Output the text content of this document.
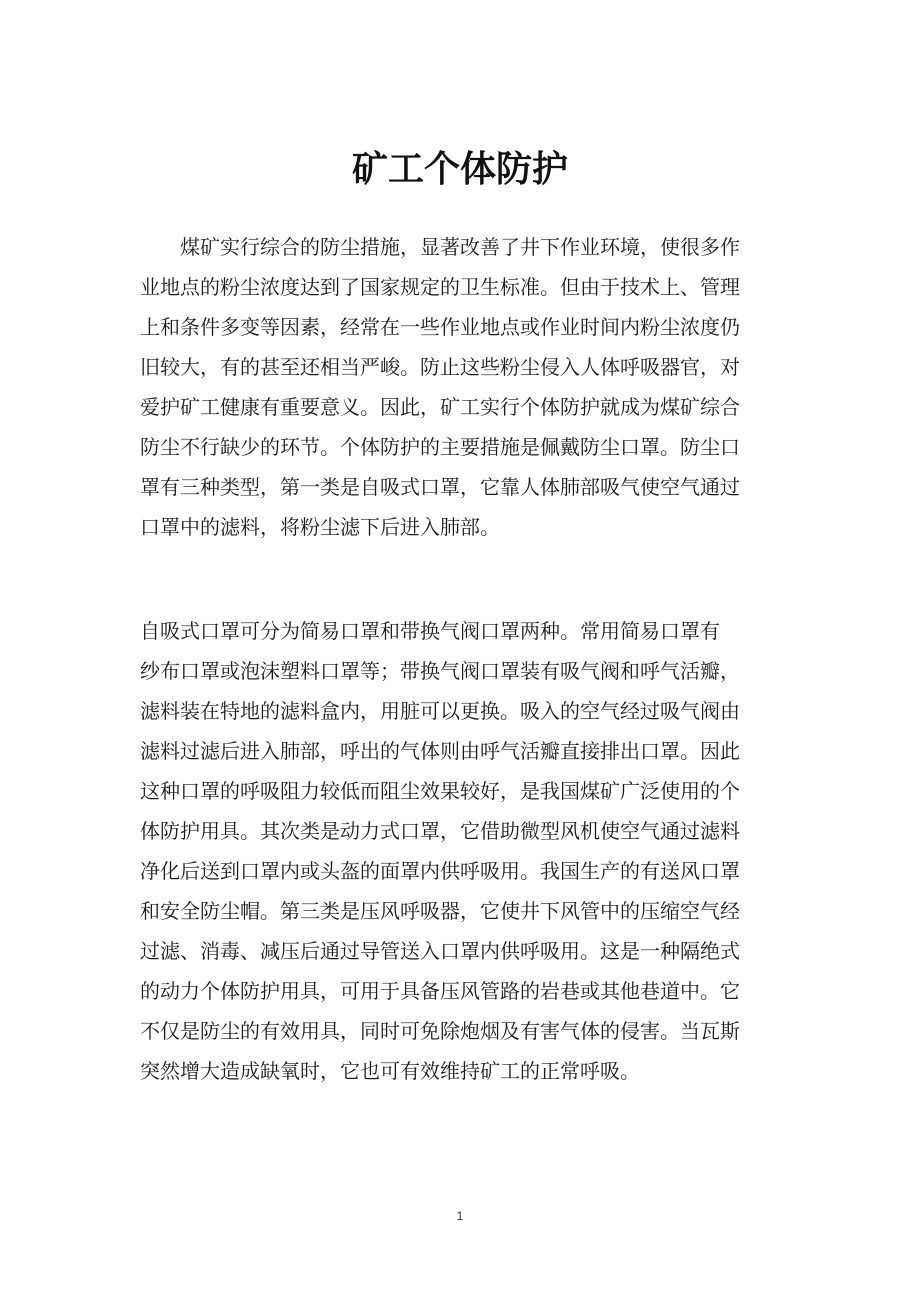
矿工个体防护

　　煤矿实行综合的防尘措施，显著改善了井下作业环境，使很多作
业地点的粉尘浓度达到了国家规定的卫生标准。但由于技术上、管理
上和条件多变等因素，经常在一些作业地点或作业时间内粉尘浓度仍
旧较大，有的甚至还相当严峻。防止这些粉尘侵入人体呼吸器官，对
爱护矿工健康有重要意义。因此，矿工实行个体防护就成为煤矿综合
防尘不行缺少的环节。个体防护的主要措施是佩戴防尘口罩。防尘口
罩有三种类型，第一类是自吸式口罩，它靠人体肺部吸气使空气通过
口罩中的滤料，将粉尘滤下后进入肺部。

自吸式口罩可分为简易口罩和带换气阀口罩两种。常用简易口罩有
纱布口罩或泡沫塑料口罩等；带换气阀口罩装有吸气阀和呼气活瓣，
滤料装在特地的滤料盒内，用脏可以更换。吸入的空气经过吸气阀由
滤料过滤后进入肺部，呼出的气体则由呼气活瓣直接排出口罩。因此
这种口罩的呼吸阻力较低而阻尘效果较好，是我国煤矿广泛使用的个
体防护用具。其次类是动力式口罩，它借助微型风机使空气通过滤料
净化后送到口罩内或头盔的面罩内供呼吸用。我国生产的有送风口罩
和安全防尘帽。第三类是压风呼吸器，它使井下风管中的压缩空气经
过滤、消毒、减压后通过导管送入口罩内供呼吸用。这是一种隔绝式
的动力个体防护用具，可用于具备压风管路的岩巷或其他巷道中。它
不仅是防尘的有效用具，同时可免除炮烟及有害气体的侵害。当瓦斯
突然增大造成缺氧时，它也可有效维持矿工的正常呼吸。

1
